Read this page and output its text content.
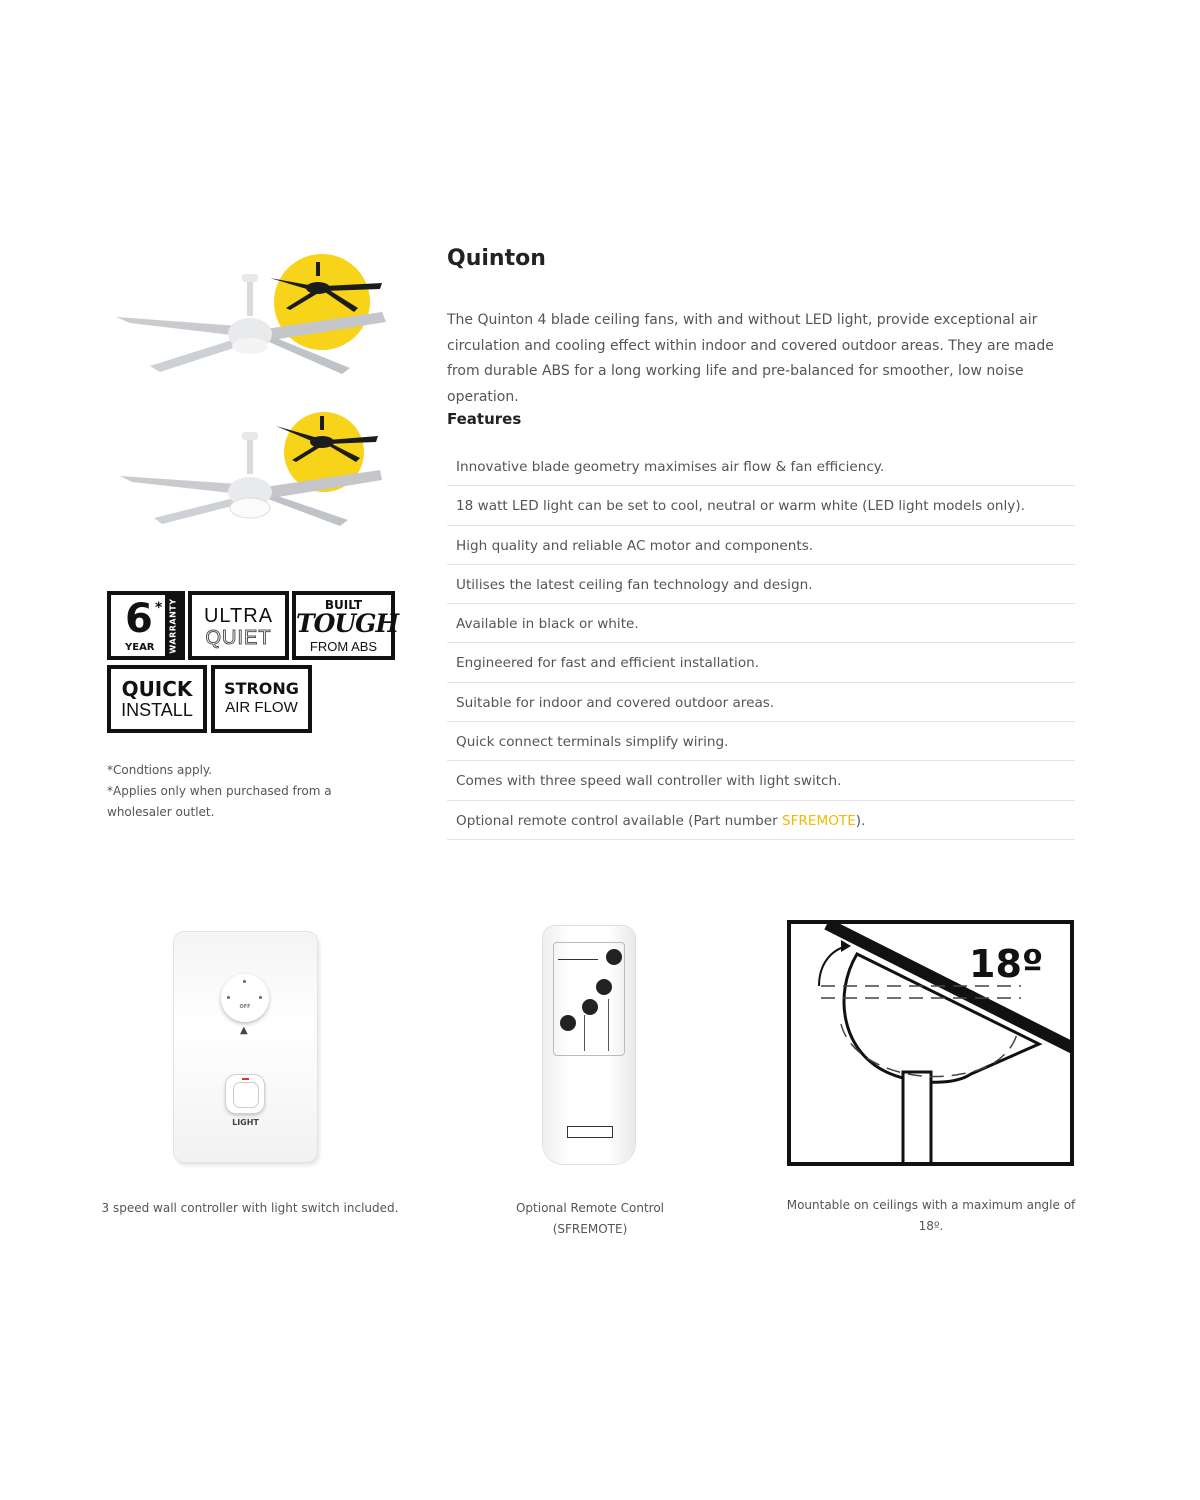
6 *
YEAR WARRANTY	ULTRA
QUIET
BUILT
TOUGH
FROM ABS
QUICK
INSTALL
STRONG
AIR FLOW
*Condtions apply.
*Applies only when purchased from a wholesaler outlet.
Quinton
The Quinton 4 blade ceiling fans, with and without LED light, provide exceptional air circulation and cooling effect within indoor and covered outdoor areas. They are made from durable ABS for a long working life and pre-balanced for smoother, low noise operation.
Features
Innovative blade geometry maximises air flow & fan efficiency.
18 watt LED light can be set to cool, neutral or warm white (LED light models only).
High quality and reliable AC motor and components.
Utilises the latest ceiling fan technology and design.
Available in black or white.
Engineered for fast and efficient installation.
Suitable for indoor and covered outdoor areas.
Quick connect terminals simplify wiring.
Comes with three speed wall controller with light switch.
Optional remote control available (Part number SFREMOTE).
OFF
▲
LIGHT
3 speed wall controller with light switch included.	Optional Remote Control
(SFREMOTE)
18º
Mountable on ceilings with a maximum angle of 18º.
